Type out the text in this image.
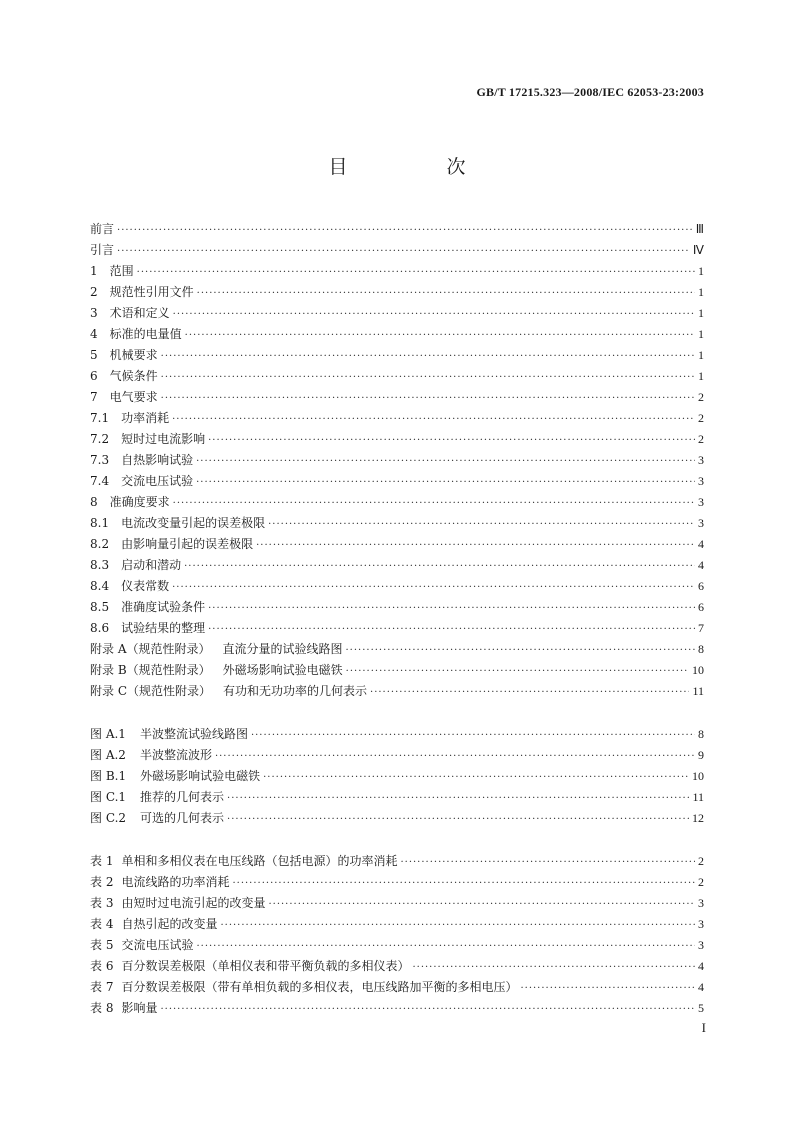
GB/T 17215.323—2008/IEC 62053-23:2003
目　次
前言 ·····	Ⅲ
引言 ·····	Ⅳ
1 范围 ·····	1
2 规范性引用文件 ·····	1
3 术语和定义 ·····	1
4 标准的电量值 ·····	1
5 机械要求 ·····	1
6 气候条件 ·····	1
7 电气要求 ·····	2
7.1 功率消耗 ·····	2
7.2 短时过电流影响 ·····	2
7.3 自热影响试验 ·····	3
7.4 交流电压试验 ·····	3
8 准确度要求 ·····	3
8.1 电流改变量引起的误差极限 ·····	3
8.2 由影响量引起的误差极限 ·····	4
8.3 启动和潜动 ·····	4
8.4 仪表常数 ·····	6
8.5 准确度试验条件 ·····	6
8.6 试验结果的整理 ·····	7
附录 A（规范性附录） 直流分量的试验线路图 ·····	8
附录 B（规范性附录） 外磁场影响试验电磁铁 ·····	10
附录 C（规范性附录） 有功和无功功率的几何表示 ·····	11
图 A.1 半波整流试验线路图 ·····	8
图 A.2 半波整流波形 ·····	9
图 B.1 外磁场影响试验电磁铁 ·····	10
图 C.1 推荐的几何表示 ·····	11
图 C.2 可选的几何表示 ·····	12
表 1 单相和多相仪表在电压线路（包括电源）的功率消耗 ·····	2
表 2 电流线路的功率消耗 ·····	2
表 3 由短时过电流引起的改变量 ·····	3
表 4 自热引起的改变量 ·····	3
表 5 交流电压试验 ·····	3
表 6 百分数误差极限（单相仪表和带平衡负载的多相仪表） ·····	4
表 7 百分数误差极限（带有单相负载的多相仪表，电压线路加平衡的多相电压） ·····	4
表 8 影响量 ·····	5
I
